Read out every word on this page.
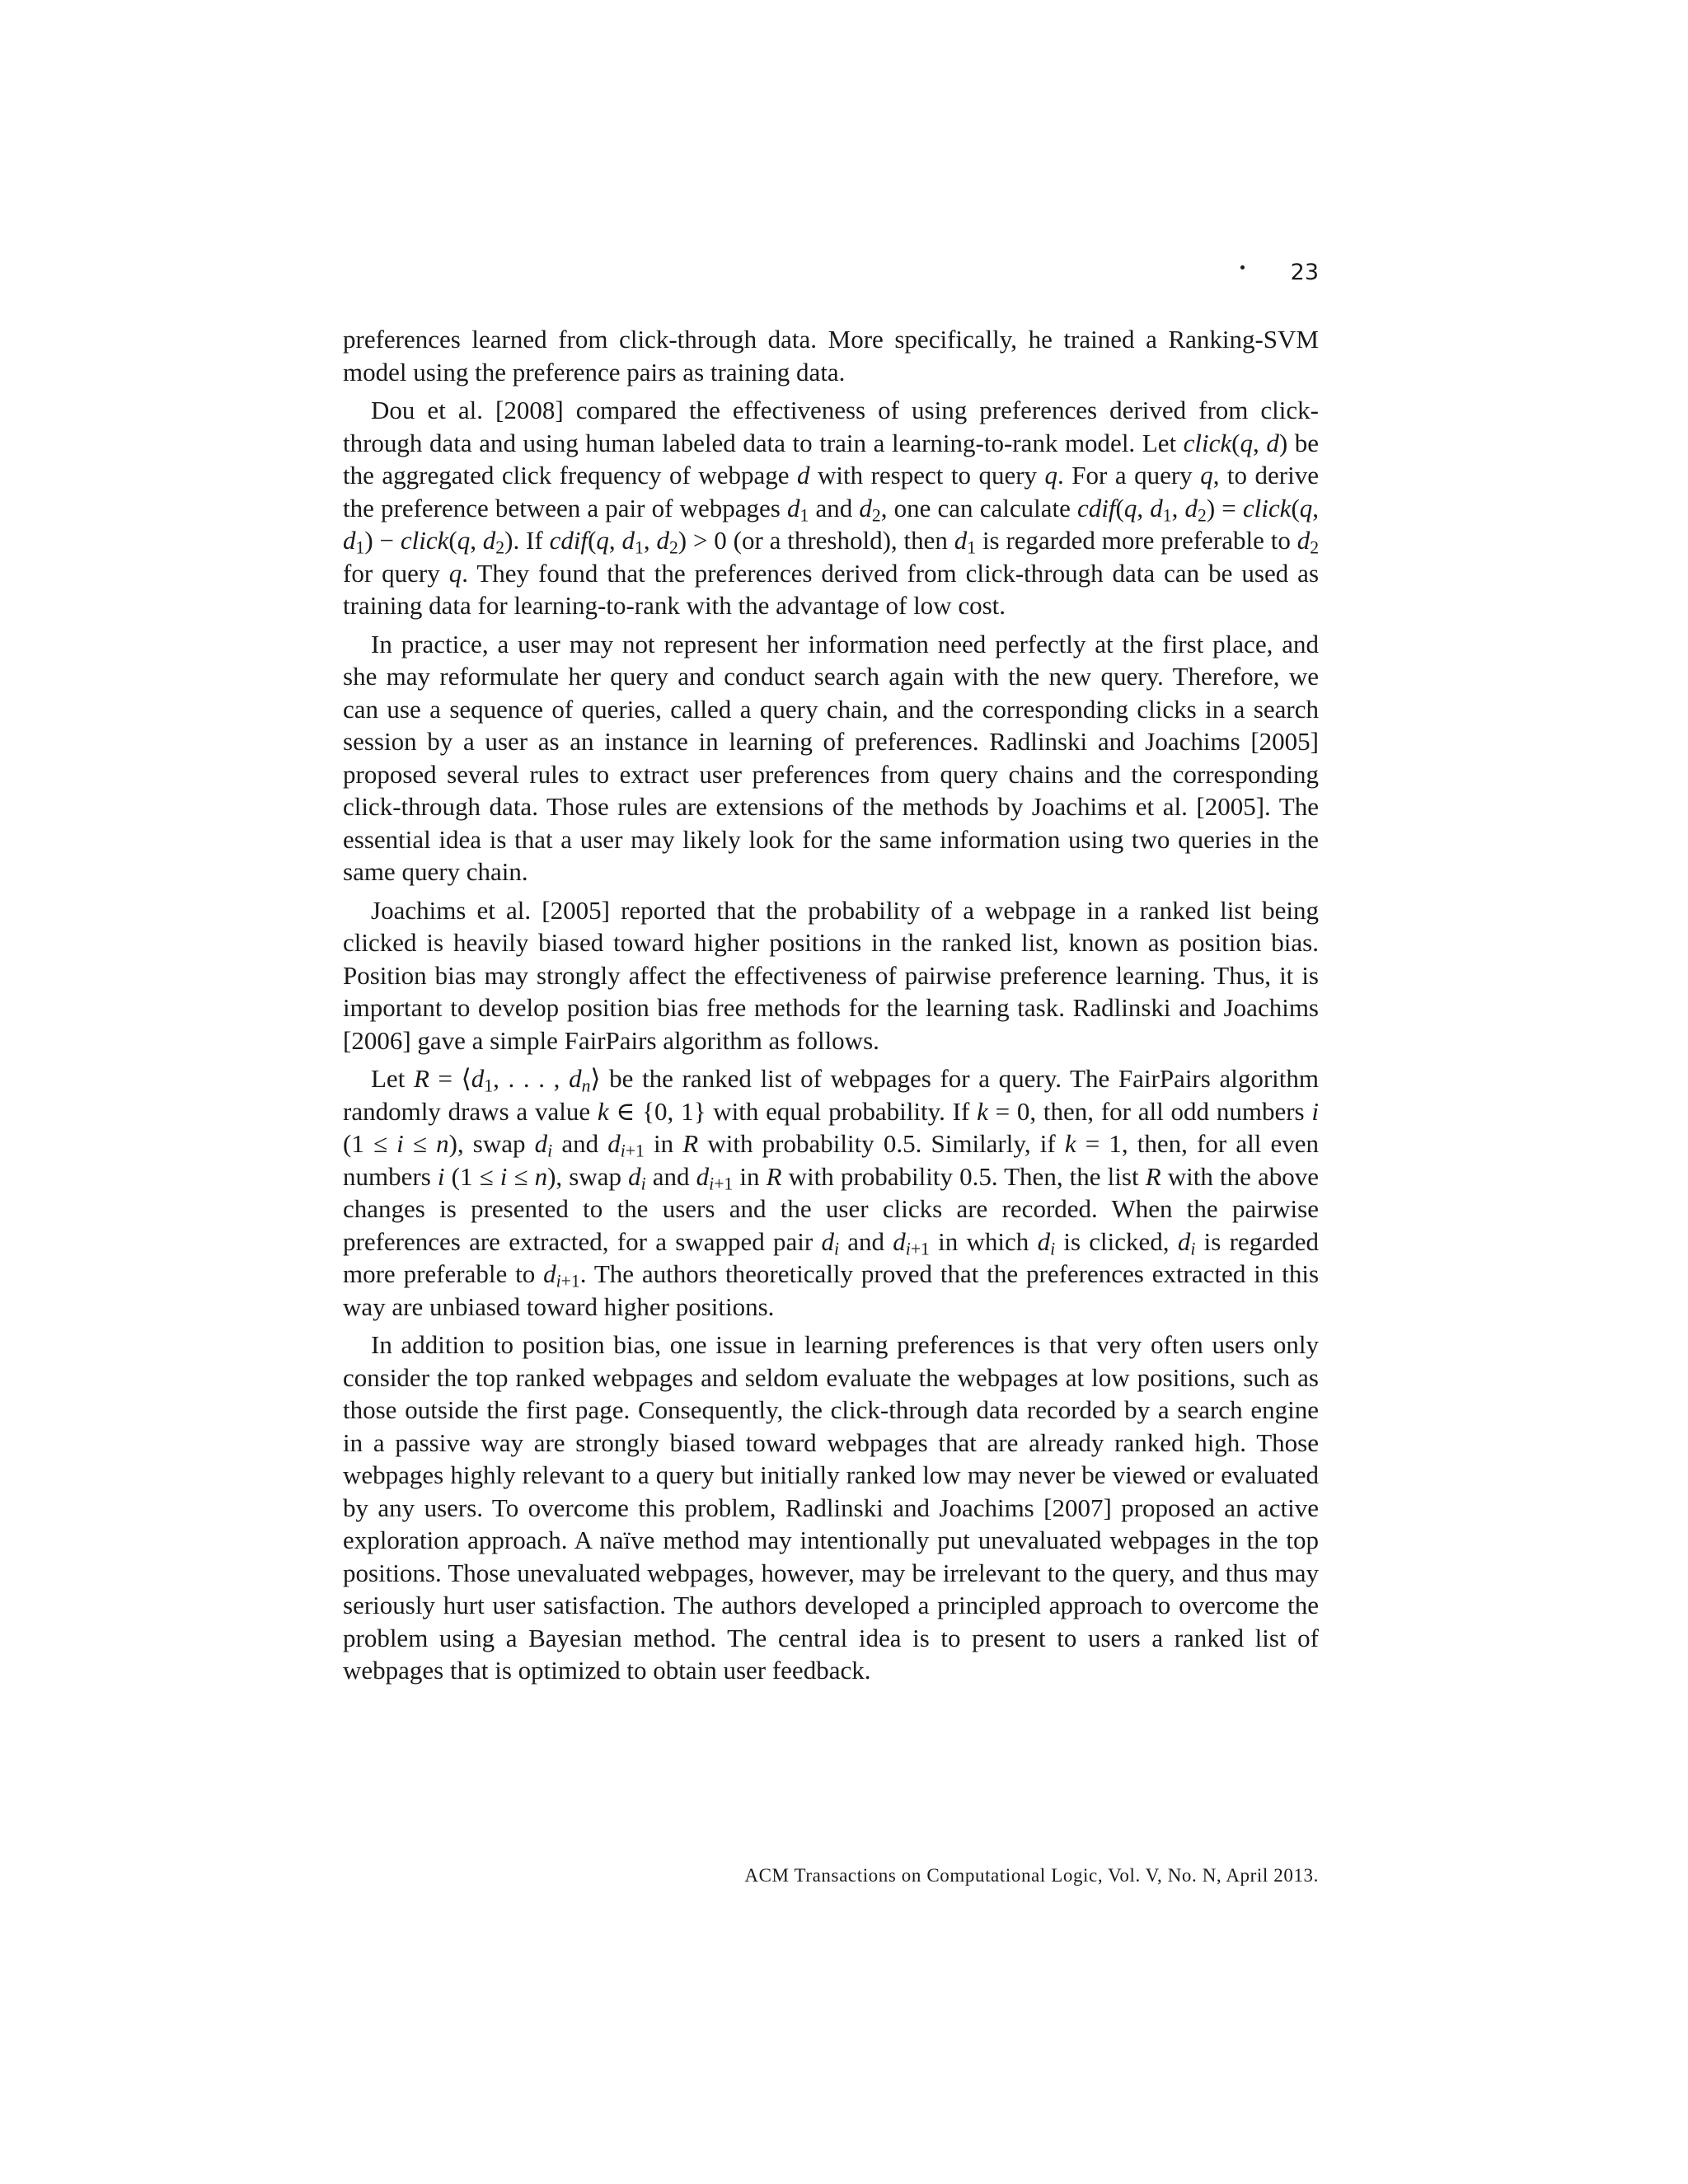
23

preferences learned from click-through data. More specifically, he trained a Ranking-SVM model using the preference pairs as training data.

Dou et al. [2008] compared the effectiveness of using preferences derived from click-through data and using human labeled data to train a learning-to-rank model. Let click(q, d) be the aggregated click frequency of webpage d with respect to query q. For a query q, to derive the preference between a pair of webpages $d_1$ and $d_2$, one can calculate cdif(q, $d_1$, $d_2$) = click(q, $d_1$) − click(q, $d_2$). If cdif(q, $d_1$, $d_2) > 0$ (or a threshold), then $d_1$ is regarded more preferable to $d_2$ for query q. They found that the preferences derived from click-through data can be used as training data for learning-to-rank with the advantage of low cost.

In practice, a user may not represent her information need perfectly at the first place, and she may reformulate her query and conduct search again with the new query. Therefore, we can use a sequence of queries, called a query chain, and the corresponding clicks in a search session by a user as an instance in learning of preferences. Radlinski and Joachims [2005] proposed several rules to extract user preferences from query chains and the corresponding click-through data. Those rules are extensions of the methods by Joachims et al. [2005]. The essential idea is that a user may likely look for the same information using two queries in the same query chain.

Joachims et al. [2005] reported that the probability of a webpage in a ranked list being clicked is heavily biased toward higher positions in the ranked list, known as position bias. Position bias may strongly affect the effectiveness of pairwise preference learning. Thus, it is important to develop position bias free methods for the learning task. Radlinski and Joachims [2006] gave a simple FairPairs algorithm as follows.

Let $R = ⟨d_1$, . . . , $d_n⟩$ be the ranked list of webpages for a query. The FairPairs algorithm randomly draws a value k ∈ {0, 1} with equal probability. If k = 0, then, for all odd numbers i (1 ≤ i ≤ n), swap $d_i$ and $d_{i+1}$ in R with probability 0.5. Similarly, if k = 1, then, for all even numbers i (1 ≤ i ≤ n), swap $d_i$ and $d_{i+1}$ in R with probability 0.5. Then, the list R with the above changes is presented to the users and the user clicks are recorded. When the pairwise preferences are extracted, for a swapped pair $d_i$ and $d_{i+1}$ in which $d_i$ is clicked, $d_i$ is regarded more preferable to $d_{i+1}$. The authors theoretically proved that the preferences extracted in this way are unbiased toward higher positions.

In addition to position bias, one issue in learning preferences is that very often users only consider the top ranked webpages and seldom evaluate the webpages at low positions, such as those outside the first page. Consequently, the click-through data recorded by a search engine in a passive way are strongly biased toward webpages that are already ranked high. Those webpages highly relevant to a query but initially ranked low may never be viewed or evaluated by any users. To overcome this problem, Radlinski and Joachims [2007] proposed an active exploration approach. A naïve method may intentionally put unevaluated webpages in the top positions. Those unevaluated webpages, however, may be irrelevant to the query, and thus may seriously hurt user satisfaction. The authors developed a principled approach to overcome the problem using a Bayesian method. The central idea is to present to users a ranked list of webpages that is optimized to obtain user feedback.

ACM Transactions on Computational Logic, Vol. V, No. N, April 2013.
